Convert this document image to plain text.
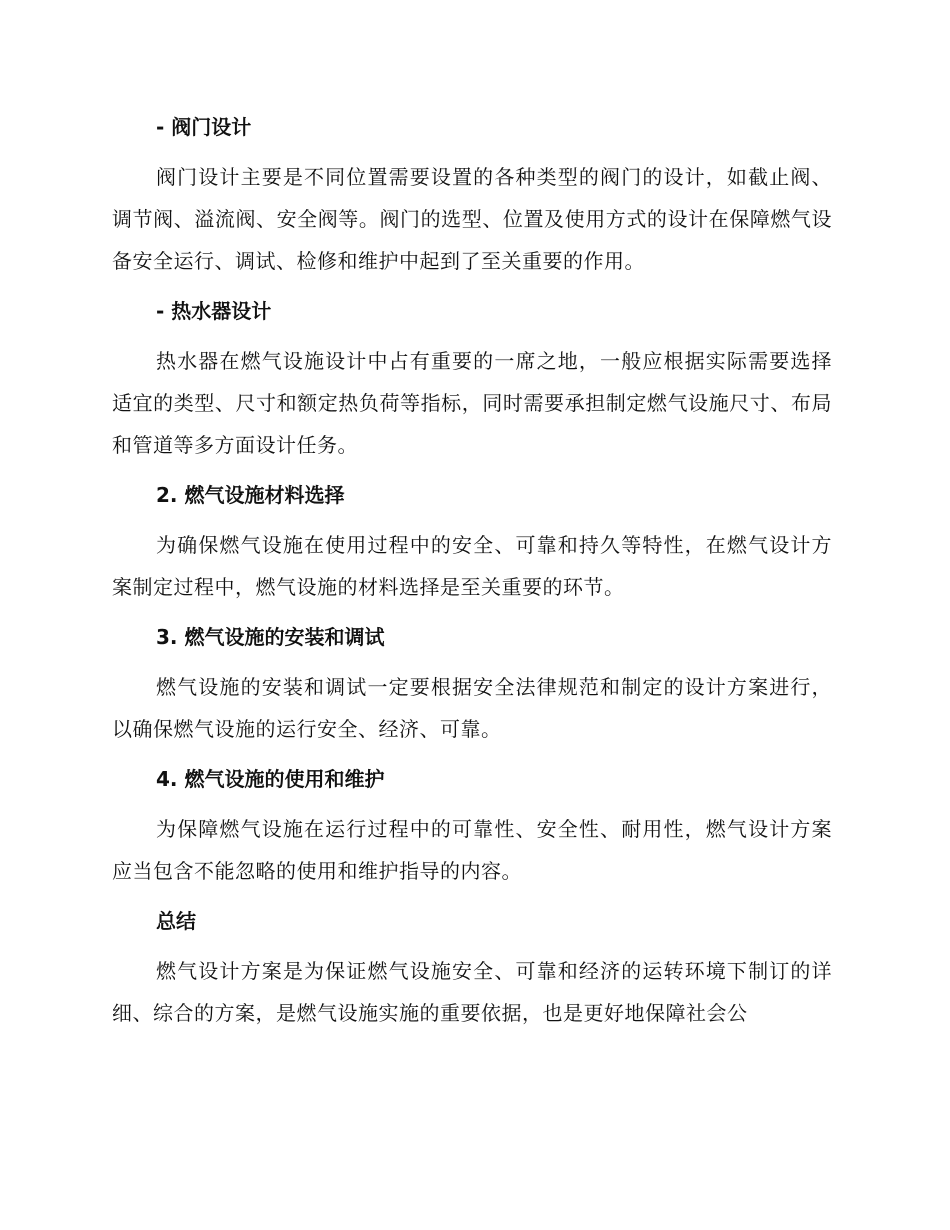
- 阀门设计

阀门设计主要是不同位置需要设置的各种类型的阀门的设计，如截止阀、调节阀、溢流阀、安全阀等。阀门的选型、位置及使用方式的设计在保障燃气设备安全运行、调试、检修和维护中起到了至关重要的作用。

- 热水器设计

热水器在燃气设施设计中占有重要的一席之地，一般应根据实际需要选择适宜的类型、尺寸和额定热负荷等指标，同时需要承担制定燃气设施尺寸、布局和管道等多方面设计任务。

2. 燃气设施材料选择

为确保燃气设施在使用过程中的安全、可靠和持久等特性，在燃气设计方案制定过程中，燃气设施的材料选择是至关重要的环节。

3. 燃气设施的安装和调试

燃气设施的安装和调试一定要根据安全法律规范和制定的设计方案进行，以确保燃气设施的运行安全、经济、可靠。

4. 燃气设施的使用和维护

为保障燃气设施在运行过程中的可靠性、安全性、耐用性，燃气设计方案应当包含不能忽略的使用和维护指导的内容。

总结

燃气设计方案是为保证燃气设施安全、可靠和经济的运转环境下制订的详细、综合的方案，是燃气设施实施的重要依据，也是更好地保障社会公
